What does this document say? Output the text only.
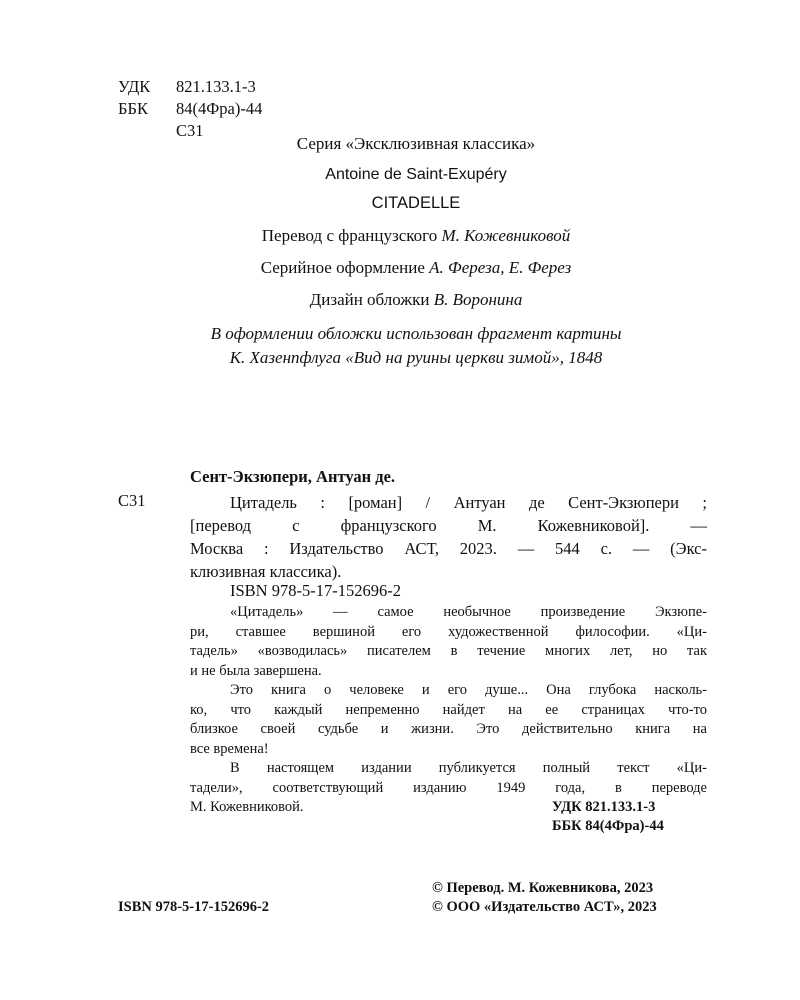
УДК 821.133.1-3
ББК 84(4Фра)-44
С31
Серия «Эксклюзивная классика»
Antoine de Saint-Exupéry
CITADELLE
Перевод с французского М. Кожевниковой
Серийное оформление А. Фереза, Е. Ферез
Дизайн обложки В. Воронина
В оформлении обложки использован фрагмент картины
К. Хазенпфлуга «Вид на руины церкви зимой», 1848
С31
Сент-Экзюпери, Антуан де.
Цитадель : [роман] / Антуан де Сент-Экзюпери ;
[перевод с французского М. Кожевниковой]. —
Москва : Издательство АСТ, 2023. — 544 с. — (Экс-
клюзивная классика).
ISBN 978-5-17-152696-2
«Цитадель» — самое необычное произведение Экзюпе-
ри, ставшее вершиной его художественной философии. «Ци-
тадель» «возводилась» писателем в течение многих лет, но так
и не была завершена.
Это книга о человеке и его душе... Она глубока насколь-
ко, что каждый непременно найдет на ее страницах что-то
близкое своей судьбе и жизни. Это действительно книга на
все времена!
В настоящем издании публикуется полный текст «Ци-
тадели», соответствующий изданию 1949 года, в переводе
М. Кожевниковой.	УДК 821.133.1-3
ББК 84(4Фра)-44
ISBN 978-5-17-152696-2
© Перевод. М. Кожевникова, 2023
© ООО «Издательство АСТ», 2023
